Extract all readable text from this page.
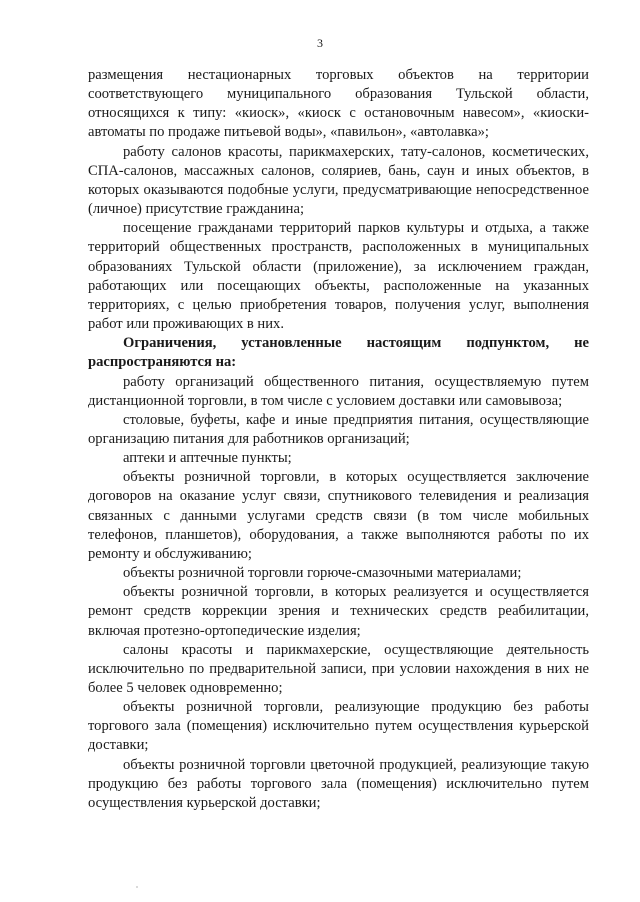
3

размещения нестационарных торговых объектов на территории соответствующего муниципального образования Тульской области, относящихся к типу: «киоск», «киоск с остановочным навесом», «киоски-автоматы по продаже питьевой воды», «павильон», «автолавка»;

работу салонов красоты, парикмахерских, тату-салонов, косметических, СПА-салонов, массажных салонов, соляриев, бань, саун и иных объектов, в которых оказываются подобные услуги, предусматривающие непосредственное (личное) присутствие гражданина;

посещение гражданами территорий парков культуры и отдыха, а также территорий общественных пространств, расположенных в муниципальных образованиях Тульской области (приложение), за исключением граждан, работающих или посещающих объекты, расположенные на указанных территориях, с целью приобретения товаров, получения услуг, выполнения работ или проживающих в них.

Ограничения, установленные настоящим подпунктом, не распространяются на:

работу организаций общественного питания, осуществляемую путем дистанционной торговли, в том числе с условием доставки или самовывоза;

столовые, буфеты, кафе и иные предприятия питания, осуществляющие организацию питания для работников организаций;

аптеки и аптечные пункты;

объекты розничной торговли, в которых осуществляется заключение договоров на оказание услуг связи, спутникового телевидения и реализация связанных с данными услугами средств связи (в том числе мобильных телефонов, планшетов), оборудования, а также выполняются работы по их ремонту и обслуживанию;

объекты розничной торговли горюче-смазочными материалами;

объекты розничной торговли, в которых реализуется и осуществляется ремонт средств коррекции зрения и технических средств реабилитации, включая протезно-ортопедические изделия;

салоны красоты и парикмахерские, осуществляющие деятельность исключительно по предварительной записи, при условии нахождения в них не более 5 человек одновременно;

объекты розничной торговли, реализующие продукцию без работы торгового зала (помещения) исключительно путем осуществления курьерской доставки;

объекты розничной торговли цветочной продукцией, реализующие такую продукцию без работы торгового зала (помещения) исключительно путем осуществления курьерской доставки;
